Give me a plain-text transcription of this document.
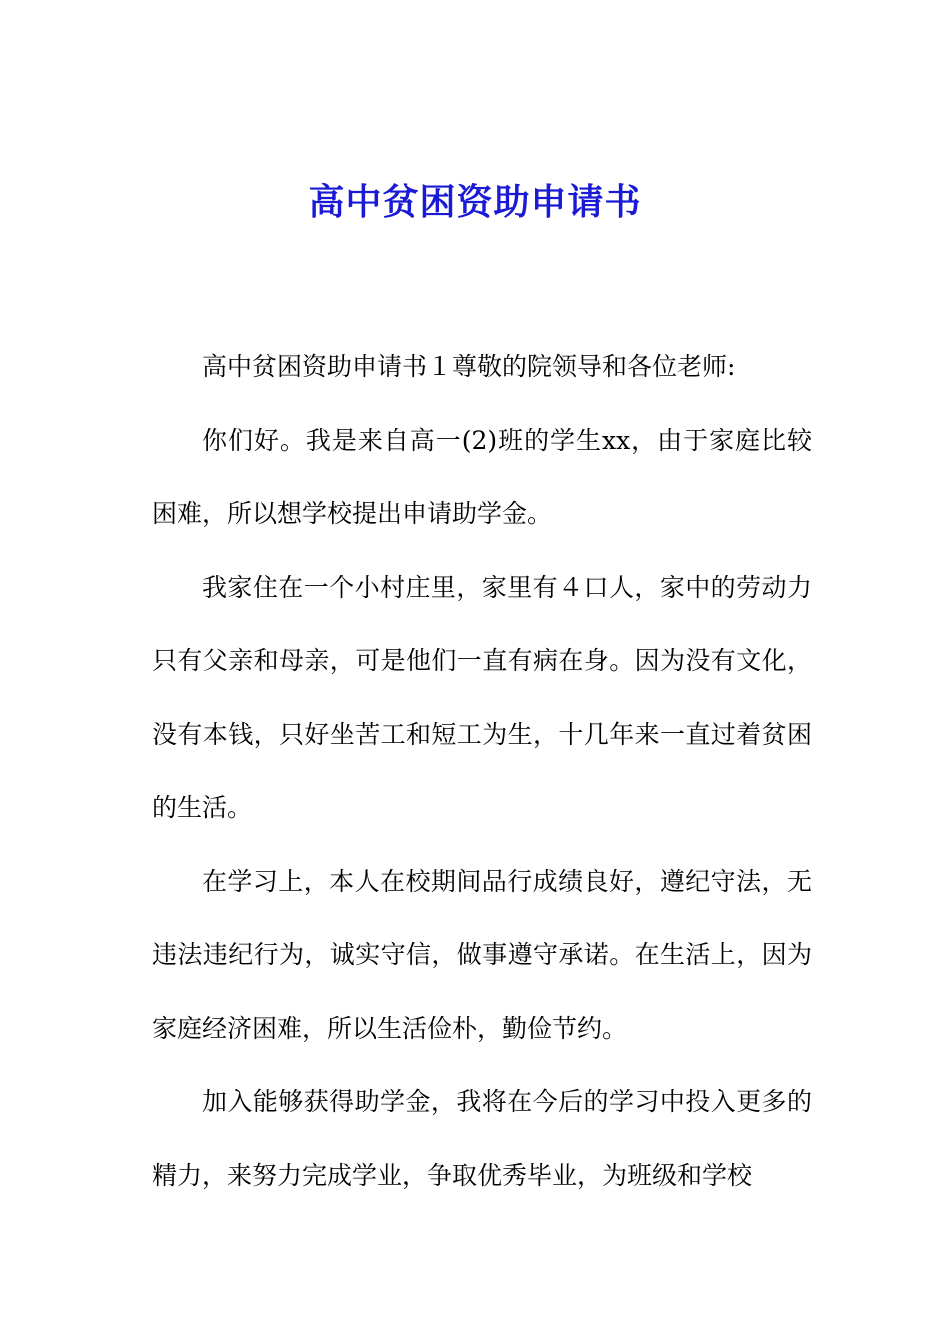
高中贫困资助申请书

高中贫困资助申请书１尊敬的院领导和各位老师:

你们好。我是来自高一(2)班的学生xx，由于家庭比较困难，所以想学校提出申请助学金。

我家住在一个小村庄里，家里有４口人，家中的劳动力只有父亲和母亲，可是他们一直有病在身。因为没有文化，没有本钱，只好坐苦工和短工为生，十几年来一直过着贫困的生活。

在学习上，本人在校期间品行成绩良好，遵纪守法，无违法违纪行为，诚实守信，做事遵守承诺。在生活上，因为家庭经济困难，所以生活俭朴，勤俭节约。

加入能够获得助学金，我将在今后的学习中投入更多的精力，来努力完成学业，争取优秀毕业，为班级和学校
